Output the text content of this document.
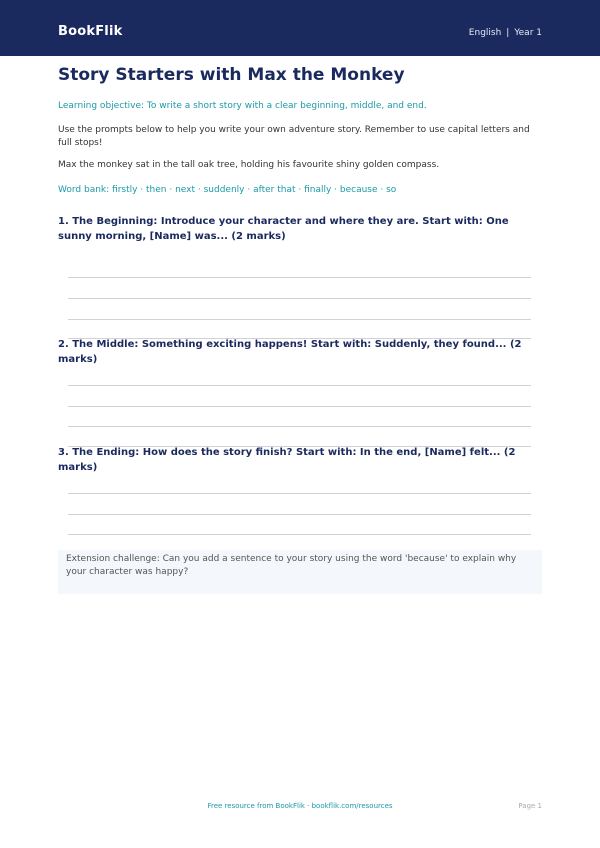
BookFlik	English | Year 1
Story Starters with Max the Monkey

Learning objective: To write a short story with a clear beginning, middle, and end.

Use the prompts below to help you write your own adventure story. Remember to use capital letters and full stops!

Max the monkey sat in the tall oak tree, holding his favourite shiny golden compass.

Word bank: firstly · then · next · suddenly · after that · finally · because · so

1. The Beginning: Introduce your character and where they are. Start with: One sunny morning, [Name] was... (2 marks)
2. The Middle: Something exciting happens! Start with: Suddenly, they found... (2 marks)
3. The Ending: How does the story finish? Start with: In the end, [Name] felt... (2 marks)
Extension challenge: Can you add a sentence to your story using the word 'because' to explain why your character was happy?
Free resource from BookFlik · bookflik.com/resources	Page 1
